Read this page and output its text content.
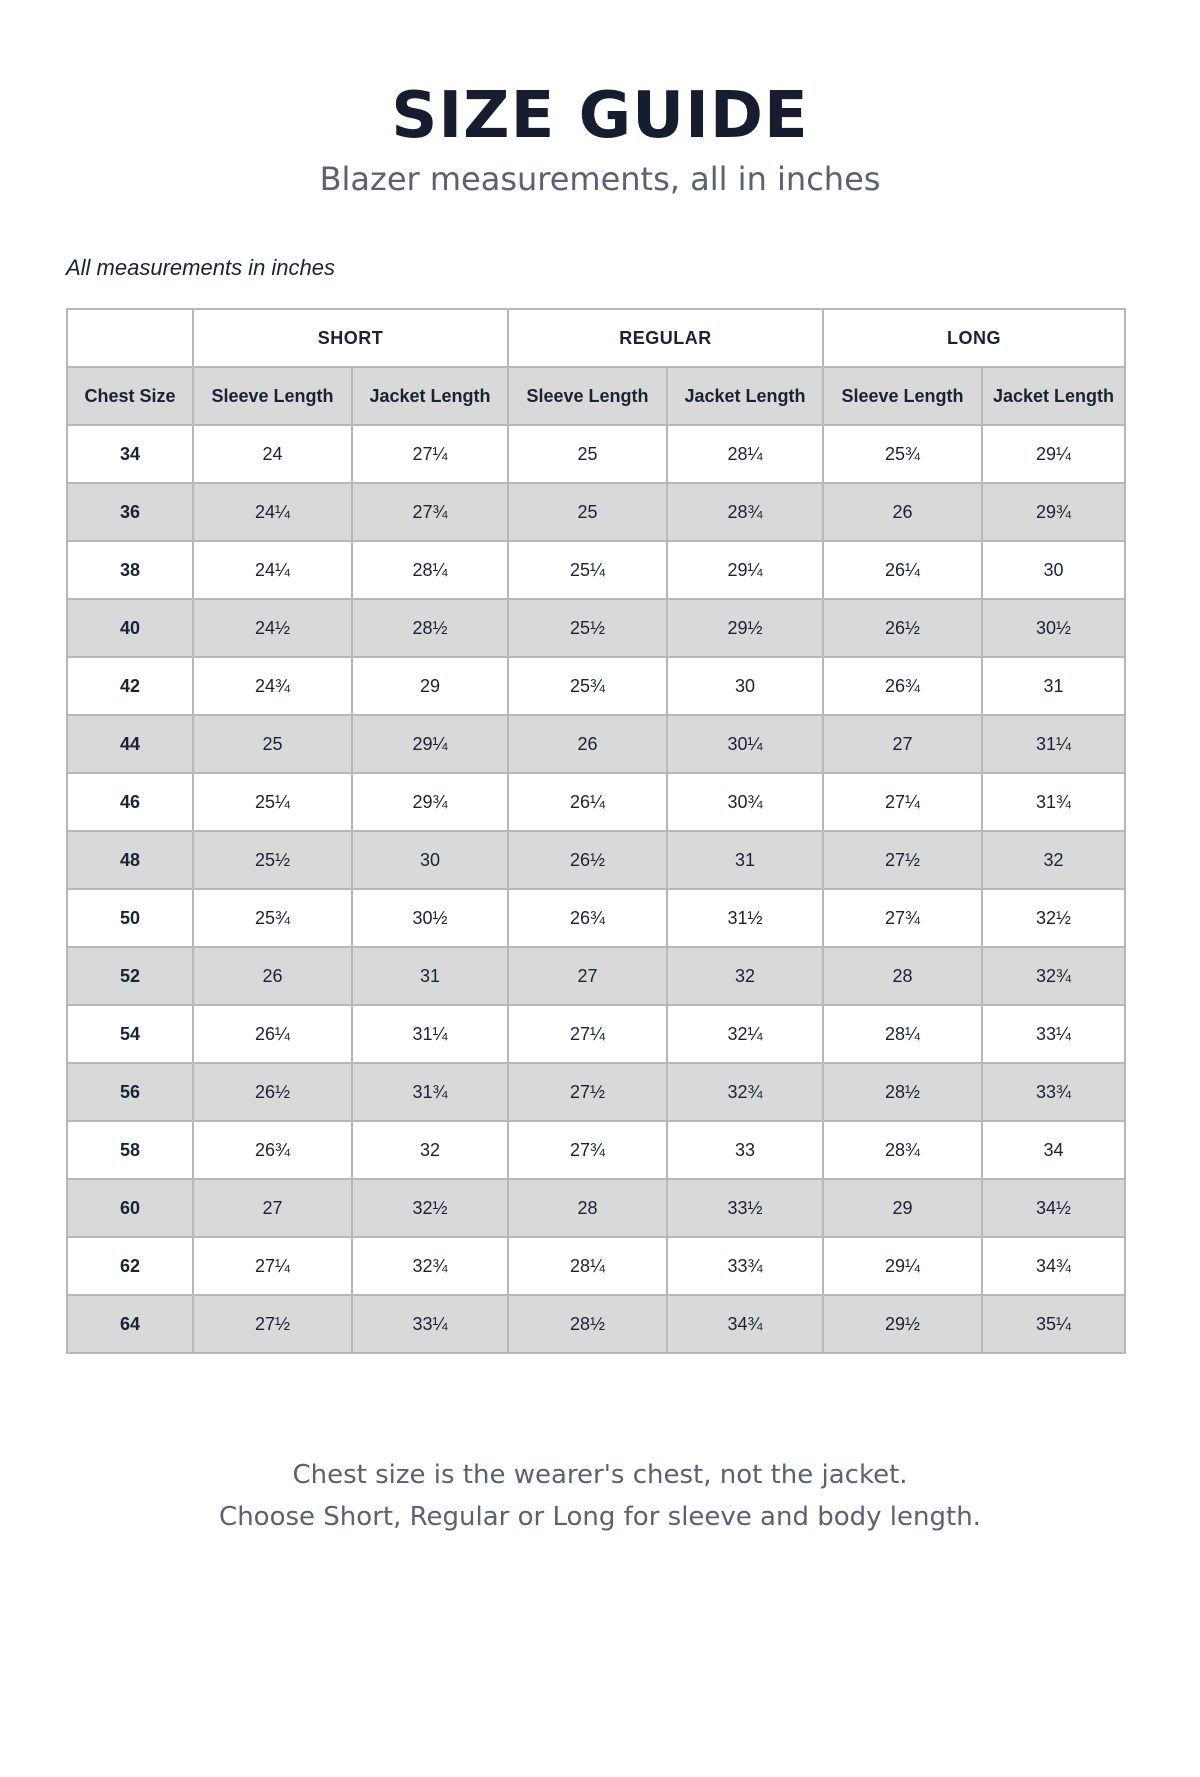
SIZE GUIDE
Blazer measurements, all in inches
All measurements in inches
	SHORT		REGULAR		LONG	
Chest Size	Sleeve Length	Jacket Length	Sleeve Length	Jacket Length	Sleeve Length	Jacket Length
34	24	27¼	25	28¼	25¾	29¼
36	24¼	27¾	25	28¾	26	29¾
38	24¼	28¼	25¼	29¼	26¼	30
40	24½	28½	25½	29½	26½	30½
42	24¾	29	25¾	30	26¾	31
44	25	29¼	26	30¼	27	31¼
46	25¼	29¾	26¼	30¾	27¼	31¾
48	25½	30	26½	31	27½	32
50	25¾	30½	26¾	31½	27¾	32½
52	26	31	27	32	28	32¾
54	26¼	31¼	27¼	32¼	28¼	33¼
56	26½	31¾	27½	32¾	28½	33¾
58	26¾	32	27¾	33	28¾	34
60	27	32½	28	33½	29	34½
62	27¼	32¾	28¼	33¾	29¼	34¾
64	27½	33¼	28½	34¾	29½	35¼
Chest size is the wearer's chest, not the jacket.
Choose Short, Regular or Long for sleeve and body length.
